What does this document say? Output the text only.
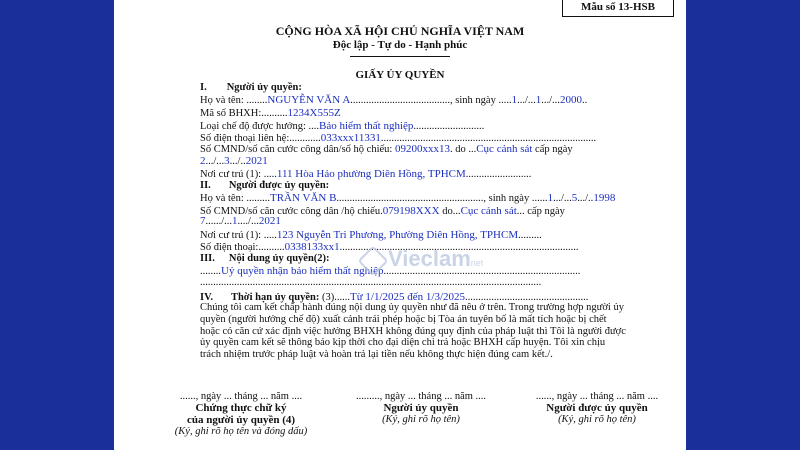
Mẫu số 13-HSB
CỘNG HÒA XÃ HỘI CHỦ NGHĨA VIỆT NAM
Độc lập - Tự do - Hạnh phúc
GIẤY ỦY QUYỀN
I. Người ủy quyền:
Họ và tên: ........NGUYỄN VĂN A......................................, sinh ngày .....1.../...1.../...2000..
Mã số BHXH:..........1234X555Z
Loại chế độ được hưởng: ....Bảo hiểm thất nghiệp...........................
Số điện thoại liên hệ:............033xxx11331..................................................................................
Số CMND/số căn cước công dân/số hộ chiếu: 09200xxx13. do ...Cục cảnh sát cấp ngày
2.../...3.../..2021
Nơi cư trú (1): .....111 Hòa Hảo phường Diên Hồng, TPHCM.........................
II. Người được ủy quyền:
Họ và tên: .........TRẦN VĂN B........................................................, sinh ngày ......1.../...5.../..1998
Số CMND/số căn cước công dân /hộ chiếu.079198XXX do...Cục cảnh sát... cấp ngày
7....../...1..../...2021
Nơi cư trú (1): .....123 Nguyễn Tri Phương, Phường Diên Hồng, TPHCM.........
Số điện thoại:..........0338133xx1...........................................................................................
III. Nội dung ủy quyền(2):
........Uỷ quyền nhận bảo hiểm thất nghiệp...........................................................................
..................................................................................................................................
IV. Thời hạn ủy quyền: (3)......Từ 1/1/2025 đến 1/3/2025...............................................
Chúng tôi cam kết chấp hành đúng nội dung ủy quyền như đã nêu ở trên. Trong trường hợp người ủy quyền (người hưởng chế độ) xuất cảnh trái phép hoặc bị Tòa án tuyên bố là mất tích hoặc bị chết hoặc có căn cứ xác định việc hưởng BHXH không đúng quy định của pháp luật thì Tôi là người được ủy quyền cam kết sẽ thông báo kịp thời cho đại diện chi trả hoặc BHXH cấp huyện. Tôi xin chịu trách nhiệm trước pháp luật và hoàn trả lại tiền nếu không thực hiện đúng cam kết./.
Vieclamnet
......, ngày ... tháng ... năm ....
Chứng thực chữ ký
của người ủy quyền (4)
(Ký, ghi rõ họ tên và đóng dấu)
........., ngày ... tháng ... năm ....
Người ủy quyền
(Ký, ghi rõ họ tên)
......, ngày ... tháng ... năm ....
Người được ủy quyền
(Ký, ghi rõ họ tên)
